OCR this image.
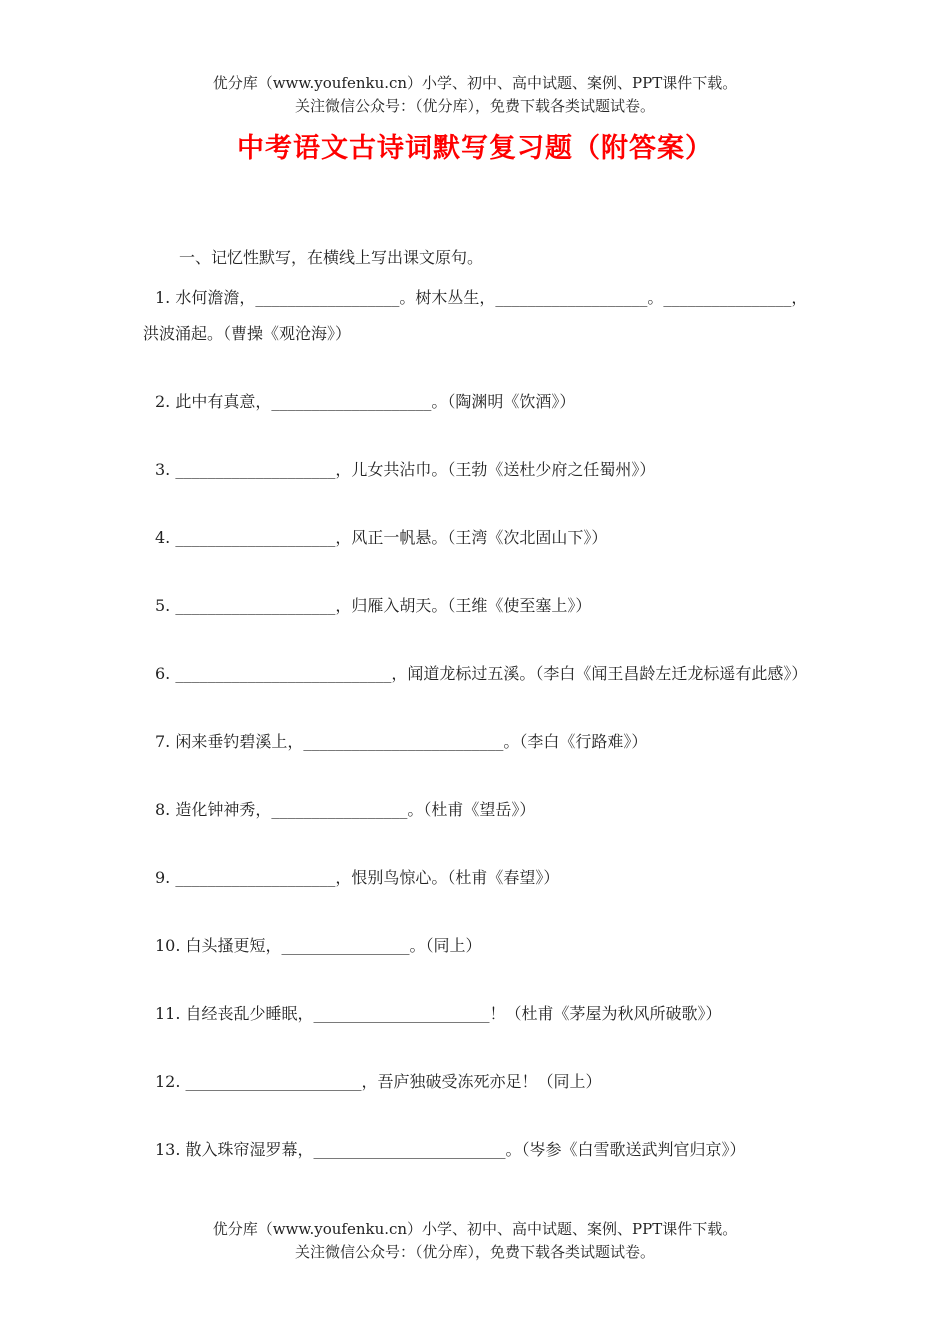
优分库（www.youfenku.cn）小学、初中、高中试题、案例、PPT课件下载。
关注微信公众号：（优分库），免费下载各类试题试卷。
中考语文古诗词默写复习题（附答案）
一、记忆性默写，在横线上写出课文原句。
1. 水何澹澹，__________________。树木丛生，___________________。________________，洪波涌起。（曹操《观沧海》）
2. 此中有真意，____________________。（陶渊明《饮酒》）
3. ____________________，儿女共沾巾。（王勃《送杜少府之任蜀州》）
4. ____________________，风正一帆悬。（王湾《次北固山下》）
5. ____________________，归雁入胡天。（王维《使至塞上》）
6. ___________________________，闻道龙标过五溪。（李白《闻王昌龄左迁龙标遥有此感》）
7. 闲来垂钓碧溪上，_________________________。（李白《行路难》）
8. 造化钟神秀，_________________。（杜甫《望岳》）
9. ____________________，恨别鸟惊心。（杜甫《春望》）
10. 白头搔更短，________________。（同上）
11. 自经丧乱少睡眠，______________________！（杜甫《茅屋为秋风所破歌》）
12. ______________________，吾庐独破受冻死亦足！（同上）
13. 散入珠帘湿罗幕，________________________。（岑参《白雪歌送武判官归京》）
优分库（www.youfenku.cn）小学、初中、高中试题、案例、PPT课件下载。
关注微信公众号：（优分库），免费下载各类试题试卷。
